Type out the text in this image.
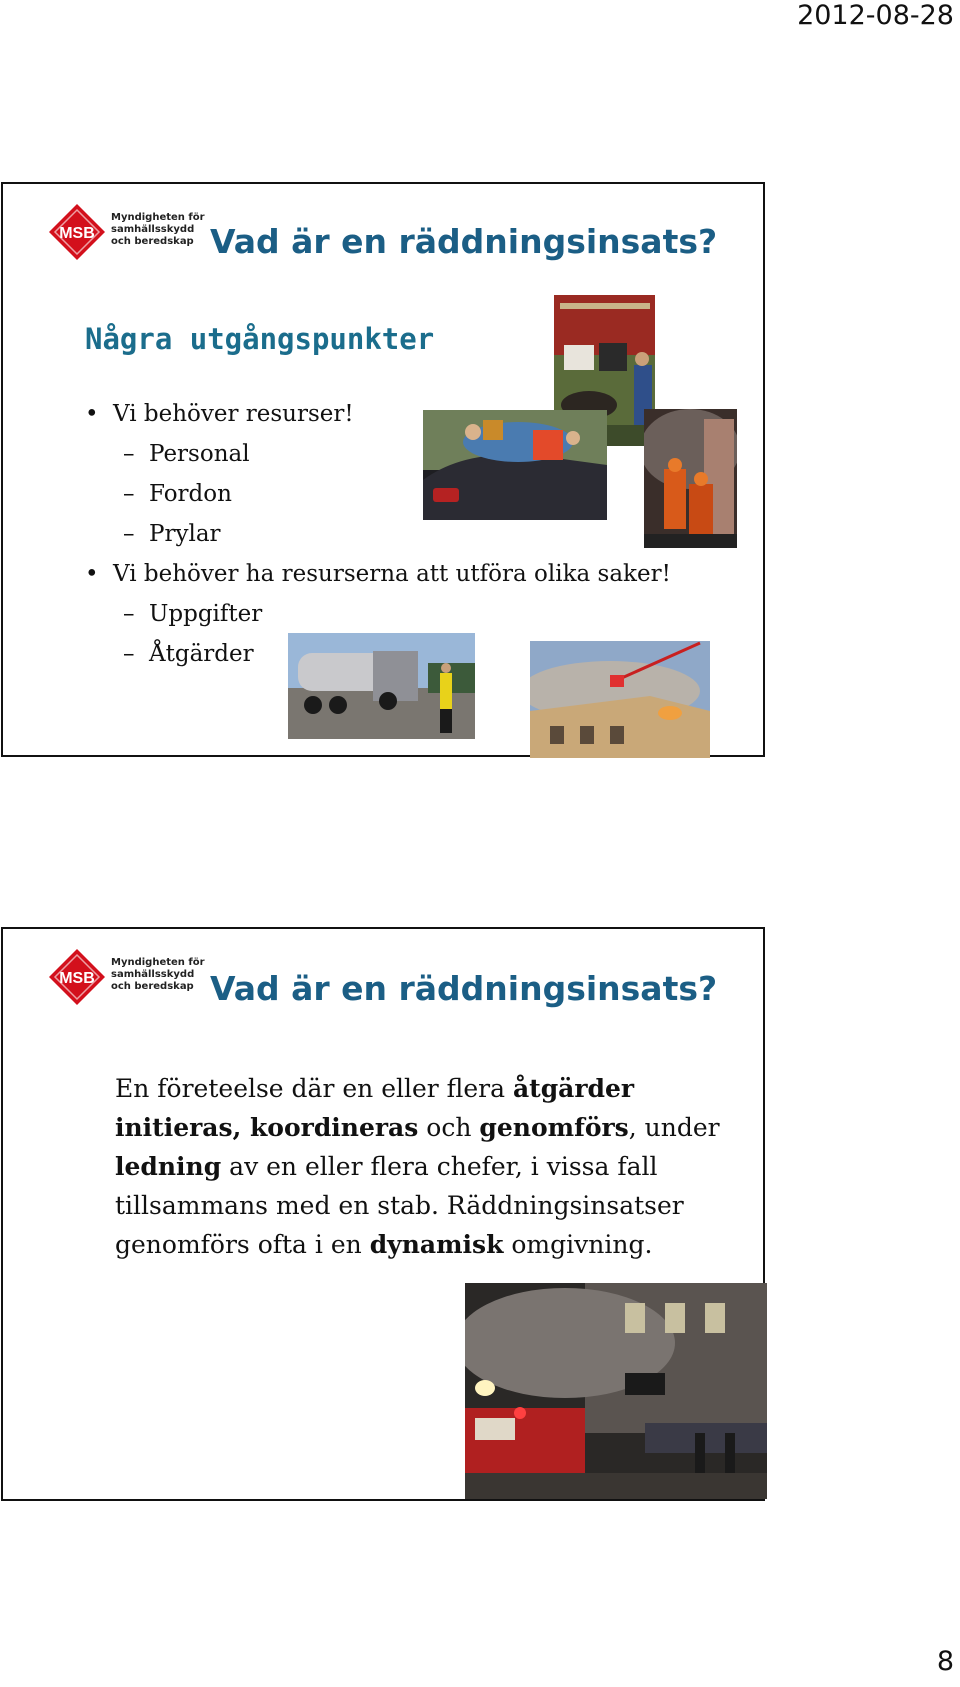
2012-08-28
MSB
Myndigheten för
samhällsskydd
och beredskap Vad är en räddningsinsats?
Några utgångspunkter
• Vi behöver resurser!
– Personal
– Fordon
– Prylar
• Vi behöver ha resurserna att utföra olika saker!
– Uppgifter
– Åtgärder
MSB
Myndigheten för
samhällsskydd
och beredskap Vad är en räddningsinsats?
En företeelse där en eller flera åtgärder initieras, koordineras och genomförs, under ledning av en eller flera chefer, i vissa fall tillsammans med en stab. Räddningsinsatser genomförs ofta i en dynamisk omgivning.
8
